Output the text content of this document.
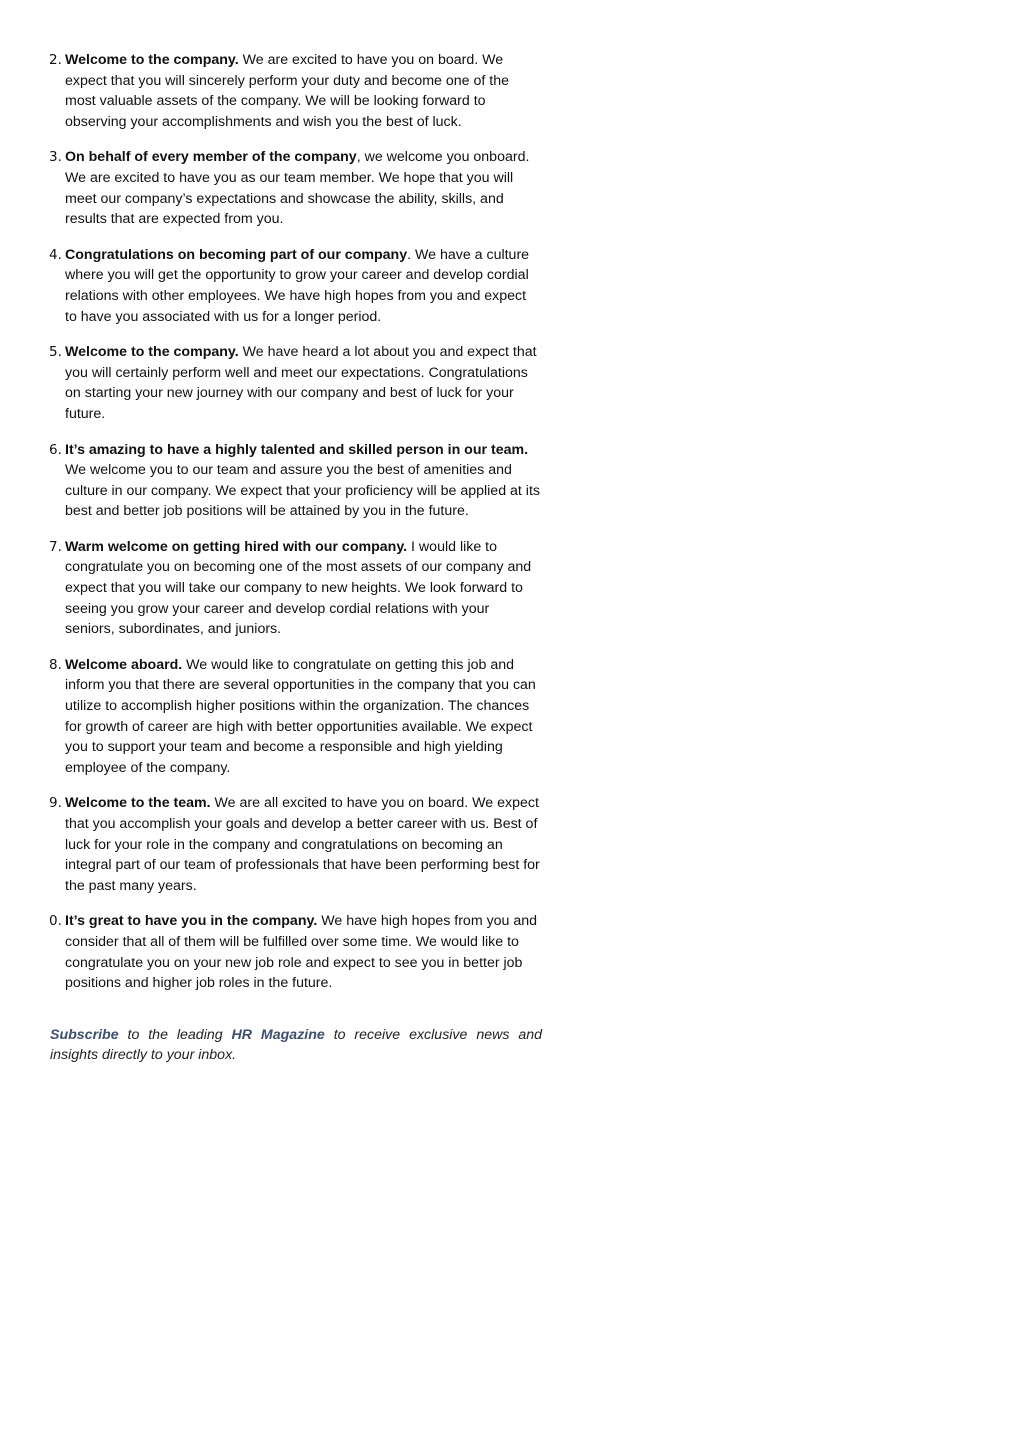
2. Welcome to the company. We are excited to have you on board. We expect that you will sincerely perform your duty and become one of the most valuable assets of the company. We will be looking forward to observing your accomplishments and wish you the best of luck.
3. On behalf of every member of the company, we welcome you onboard. We are excited to have you as our team member. We hope that you will meet our company’s expectations and showcase the ability, skills, and results that are expected from you.
4. Congratulations on becoming part of our company. We have a culture where you will get the opportunity to grow your career and develop cordial relations with other employees. We have high hopes from you and expect to have you associated with us for a longer period.
5. Welcome to the company. We have heard a lot about you and expect that you will certainly perform well and meet our expectations. Congratulations on starting your new journey with our company and best of luck for your future.
6. It’s amazing to have a highly talented and skilled person in our team. We welcome you to our team and assure you the best of amenities and culture in our company. We expect that your proficiency will be applied at its best and better job positions will be attained by you in the future.
7. Warm welcome on getting hired with our company. I would like to congratulate you on becoming one of the most assets of our company and expect that you will take our company to new heights. We look forward to seeing you grow your career and develop cordial relations with your seniors, subordinates, and juniors.
8. Welcome aboard. We would like to congratulate on getting this job and inform you that there are several opportunities in the company that you can utilize to accomplish higher positions within the organization. The chances for growth of career are high with better opportunities available. We expect you to support your team and become a responsible and high yielding employee of the company.
9. Welcome to the team. We are all excited to have you on board. We expect that you accomplish your goals and develop a better career with us. Best of luck for your role in the company and congratulations on becoming an integral part of our team of professionals that have been performing best for the past many years.
0. It’s great to have you in the company. We have high hopes from you and consider that all of them will be fulfilled over some time. We would like to congratulate you on your new job role and expect to see you in better job positions and higher job roles in the future.

Subscribe to the leading HR Magazine to receive exclusive news and insights directly to your inbox.
